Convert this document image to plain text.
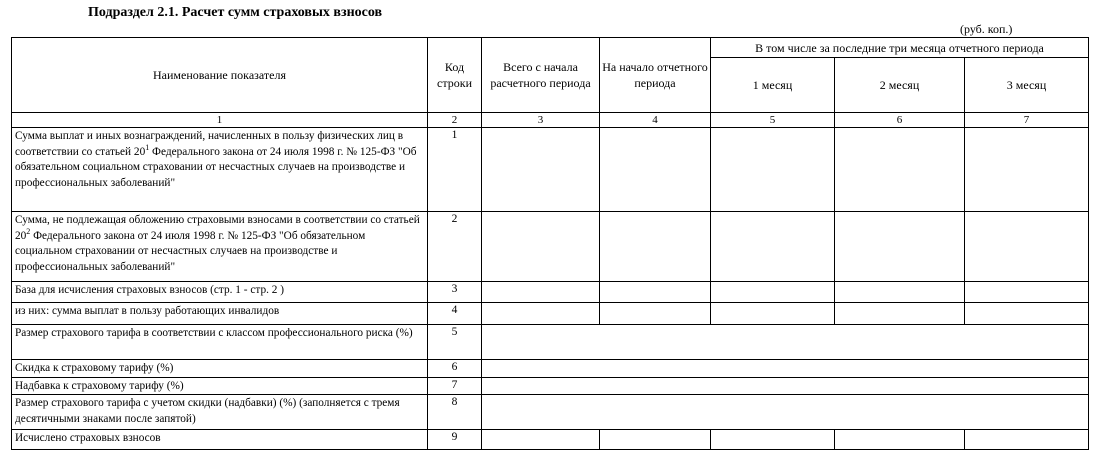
Подраздел 2.1. Расчет сумм страховых взносов
(руб. коп.)
Наименование показателя	Код строки	Всего с начала расчетного периода	На начало отчетного периода	В том числе за последние три месяца отчетного периода		
				1 месяц	2 месяц	3 месяц
1	2	3	4	5	6	7
Сумма выплат и иных вознаграждений, начисленных в пользу физических лиц в соответствии со статьей $20^1$ Федерального закона от 24 июля 1998 г. № 125-ФЗ "Об обязательном социальном страховании от несчастных случаев на производстве и профессиональных заболеваний"	1					
Сумма, не подлежащая обложению страховыми взносами в соответствии со статьей $20^2$ Федерального закона от 24 июля 1998 г. № 125-ФЗ "Об обязательном социальном страховании от несчастных случаев на производстве и профессиональных заболеваний"	2					
База для исчисления страховых взносов (стр. 1 - стр. 2 )	3					
из них: сумма выплат в пользу работающих инвалидов	4					
Размер страхового тарифа в соответствии с классом профессионального риска (%)	5					
Скидка к страховому тарифу (%)	6					
Надбавка к страховому тарифу (%)	7					
Размер страхового тарифа с учетом скидки (надбавки) (%) (заполняется с тремя десятичными знаками после запятой)	8					
Исчислено страховых взносов	9					
